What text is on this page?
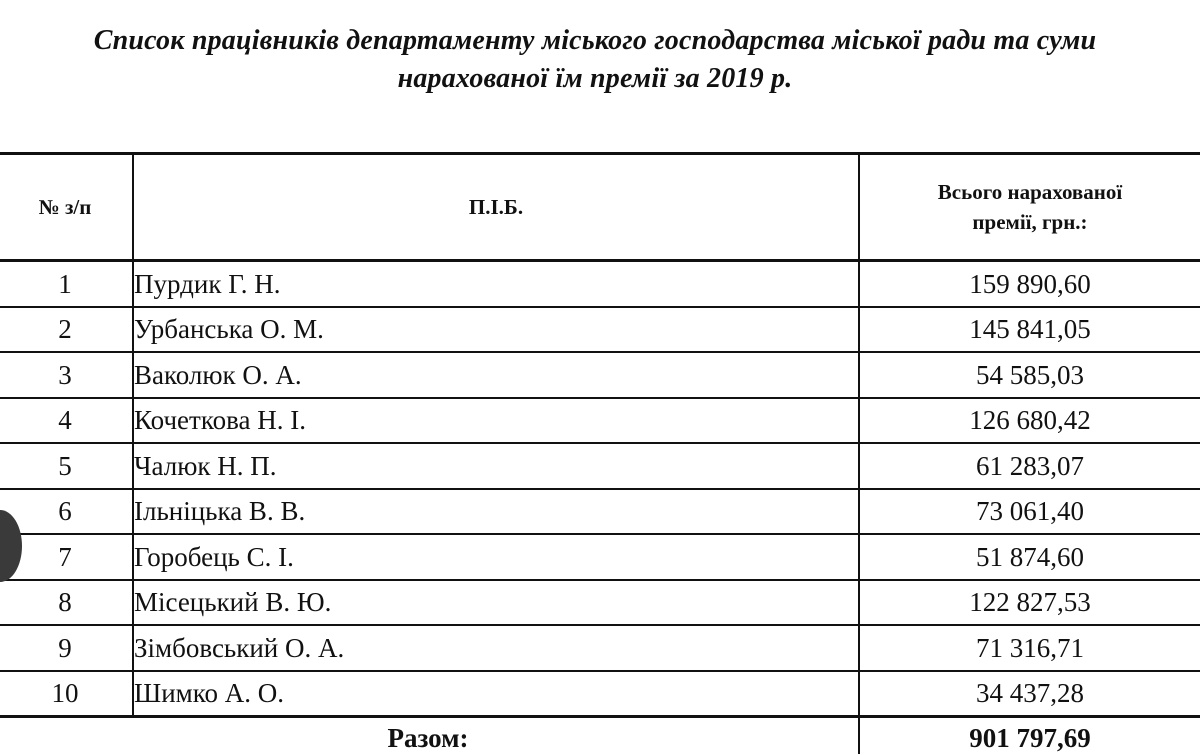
Список працівників департаменту міського господарства міської ради та суми
нарахованої їм премії за 2019 р.
№ з/п	П.І.Б.	Всього нарахованої
премії, грн.:

1	Пурдик Г. Н.	159 890,60
2	Урбанська О. М.	145 841,05
3	Ваколюк О. А.	54 585,03
4	Кочеткова Н. І.	126 680,42
5	Чалюк Н. П.	61 283,07
6	Ільніцька В. В.	73 061,40
7	Горобець С. І.	51 874,60
8	Місецький В. Ю.	122 827,53
9	Зімбовський О. А.	71 316,71
10	Шимко А. О.	34 437,28
Разом:		901 797,69
